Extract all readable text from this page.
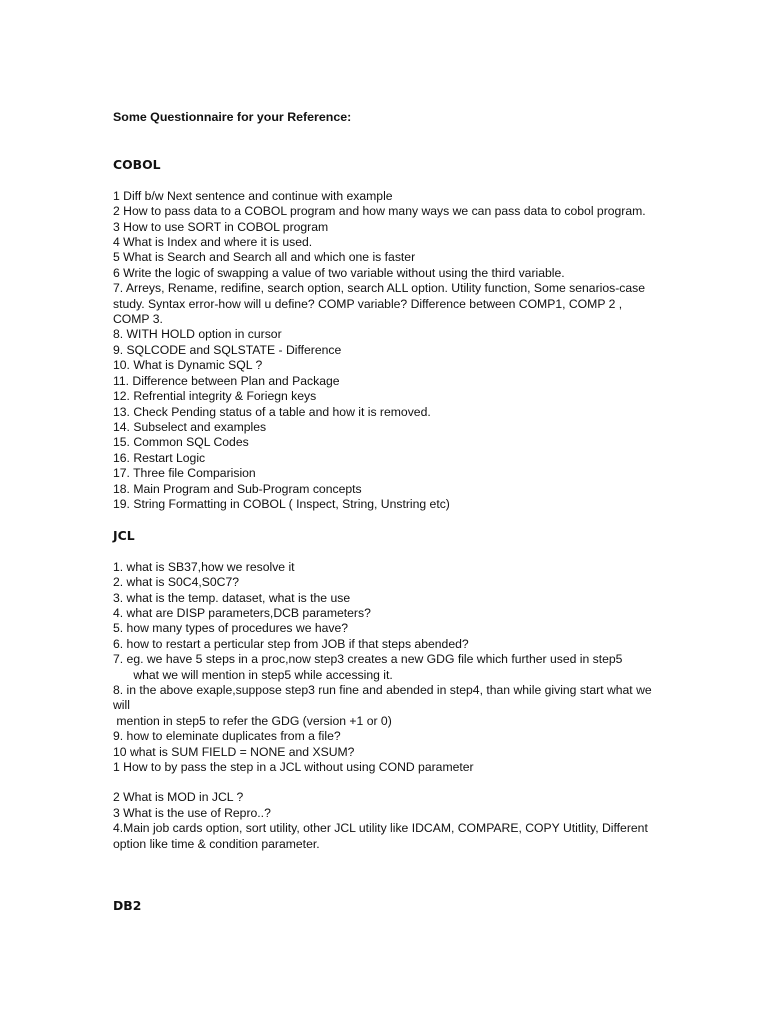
Some Questionnaire for your Reference:

COBOL

1 Diff b/w Next sentence and continue with example
2 How to pass data to a COBOL program and how many ways we can pass data to cobol program.
3 How to use SORT in COBOL program
4 What is Index and where it is used.
5 What is Search and Search all and which one is faster
6 Write the logic of swapping a value of two variable without using the third variable.
7. Arreys, Rename, redifine, search option, search ALL option. Utility function, Some senarios-case study. Syntax error-how will u define? COMP variable? Difference between COMP1, COMP 2 , COMP 3.
8. WITH HOLD option in cursor
9. SQLCODE and SQLSTATE - Difference
10. What is Dynamic SQL ?
11. Difference between Plan and Package
12. Refrential integrity & Foriegn keys
13. Check Pending status of a table and how it is removed.
14. Subselect and examples
15. Common SQL Codes
16. Restart Logic
17. Three file Comparision
18. Main Program and Sub-Program concepts
19. String Formatting in COBOL ( Inspect, String, Unstring etc)

JCL

1. what is SB37,how we resolve it
2. what is S0C4,S0C7?
3. what is the temp. dataset, what is the use
4. what are DISP parameters,DCB parameters?
5. how many types of procedures we have?
6. how to restart a perticular step from JOB if that steps abended?
7. eg. we have 5 steps in a proc,now step3 creates a new GDG file which further used in step5
what we will mention in step5 while accessing it.
8. in the above exaple,suppose step3 run fine and abended in step4, than while giving start what we will
mention in step5 to refer the GDG (version +1 or 0)
9. how to eleminate duplicates from a file?
10 what is SUM FIELD = NONE and XSUM?
1 How to by pass the step in a JCL without using COND parameter
2 What is MOD in JCL ?
3 What is the use of Repro..?
4.Main job cards option, sort utility, other JCL utility like IDCAM, COMPARE, COPY Utitlity, Different option like time & condition parameter.

DB2
